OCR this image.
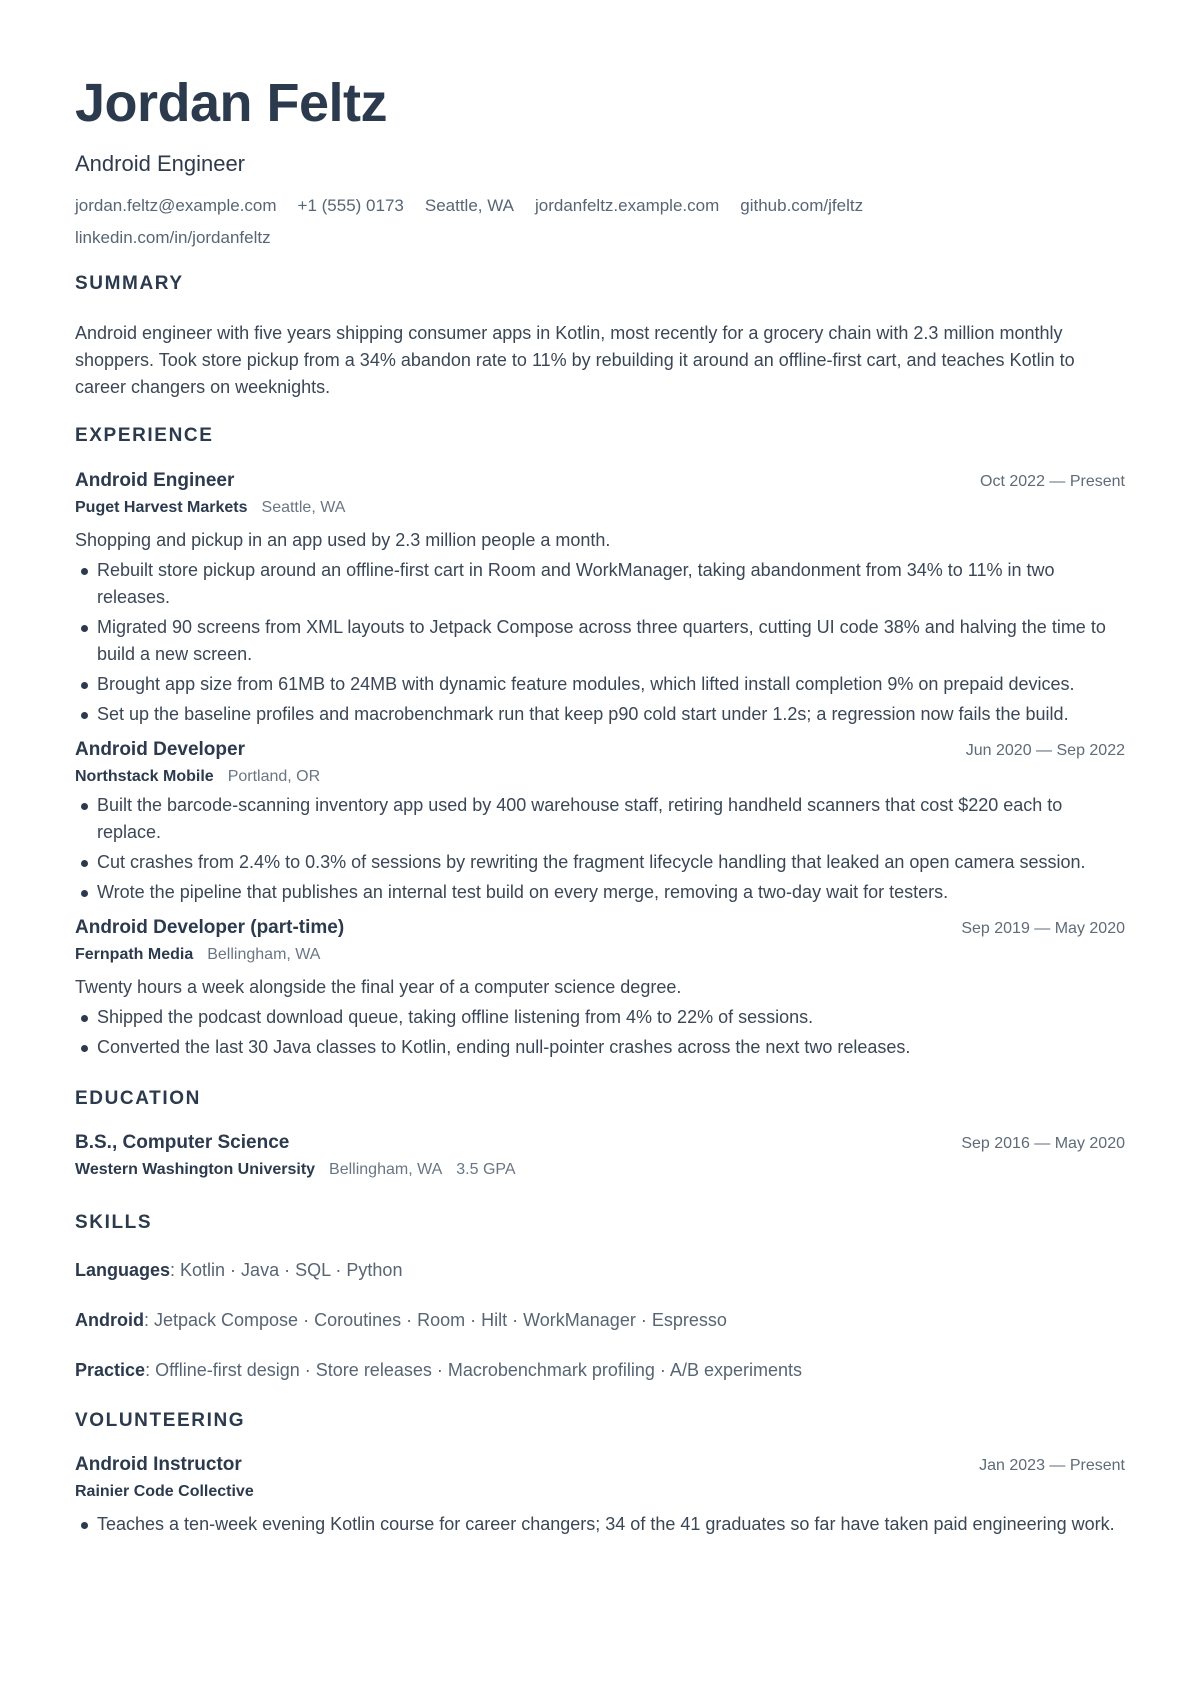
Jordan Feltz
Android Engineer
jordan.feltz@example.com +1 (555) 0173 Seattle, WA jordanfeltz.example.com github.com/jfeltz
linkedin.com/in/jordanfeltz
SUMMARY
Android engineer with five years shipping consumer apps in Kotlin, most recently for a grocery chain with 2.3 million monthly shoppers. Took store pickup from a 34% abandon rate to 11% by rebuilding it around an offline-first cart, and teaches Kotlin to career changers on weeknights.
EXPERIENCE
Android Engineer	Oct 2022 — Present
Puget Harvest Markets Seattle, WA
Shopping and pickup in an app used by 2.3 million people a month.
Rebuilt store pickup around an offline-first cart in Room and WorkManager, taking abandonment from 34% to 11% in two releases.
Migrated 90 screens from XML layouts to Jetpack Compose across three quarters, cutting UI code 38% and halving the time to build a new screen.
Brought app size from 61MB to 24MB with dynamic feature modules, which lifted install completion 9% on prepaid devices.
Set up the baseline profiles and macrobenchmark run that keep p90 cold start under 1.2s; a regression now fails the build.
Android Developer	Jun 2020 — Sep 2022
Northstack Mobile Portland, OR
Built the barcode-scanning inventory app used by 400 warehouse staff, retiring handheld scanners that cost $220 each to replace.
Cut crashes from 2.4% to 0.3% of sessions by rewriting the fragment lifecycle handling that leaked an open camera session.
Wrote the pipeline that publishes an internal test build on every merge, removing a two-day wait for testers.
Android Developer (part-time)	Sep 2019 — May 2020
Fernpath Media Bellingham, WA
Twenty hours a week alongside the final year of a computer science degree.
Shipped the podcast download queue, taking offline listening from 4% to 22% of sessions.
Converted the last 30 Java classes to Kotlin, ending null-pointer crashes across the next two releases.
EDUCATION
B.S., Computer Science	Sep 2016 — May 2020
Western Washington University Bellingham, WA 3.5 GPA
SKILLS
Languages: Kotlin · Java · SQL · Python
Android: Jetpack Compose · Coroutines · Room · Hilt · WorkManager · Espresso
Practice: Offline-first design · Store releases · Macrobenchmark profiling · A/B experiments
VOLUNTEERING
Android Instructor	Jan 2023 — Present
Rainier Code Collective
Teaches a ten-week evening Kotlin course for career changers; 34 of the 41 graduates so far have taken paid engineering work.
